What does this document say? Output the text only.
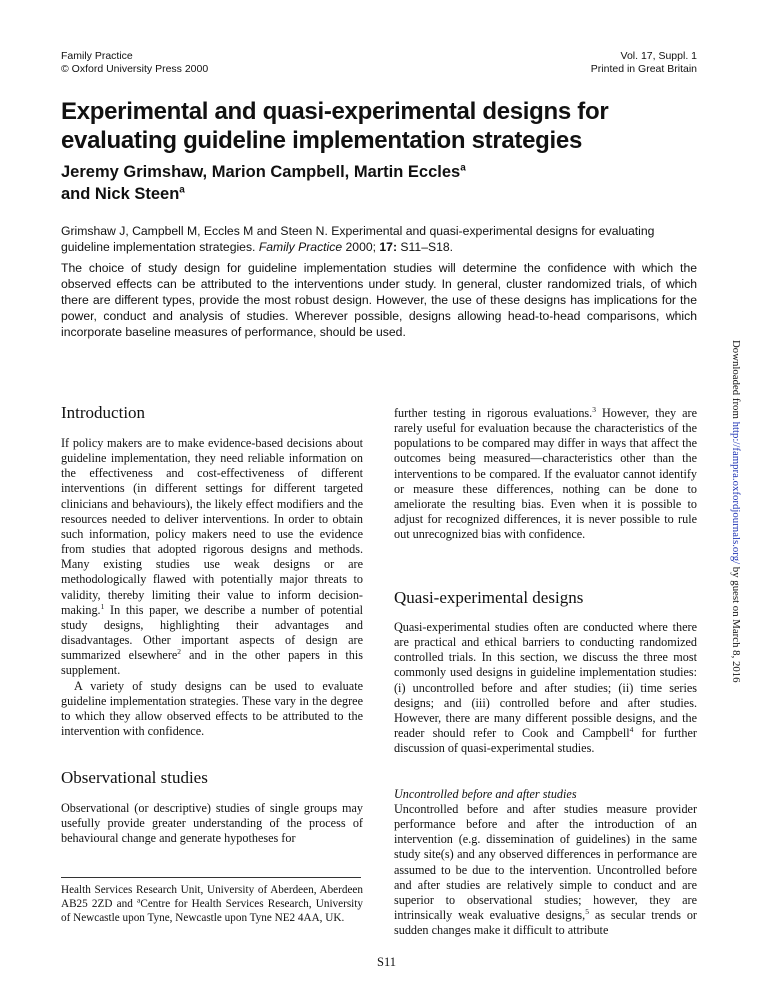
Family Practice
© Oxford University Press 2000
Vol. 17, Suppl. 1
Printed in Great Britain
Experimental and quasi-experimental designs for evaluating guideline implementation strategies
Jeremy Grimshaw, Marion Campbell, Martin Eccles$^a$
and Nick Steen$^a$
Grimshaw J, Campbell M, Eccles M and Steen N. Experimental and quasi-experimental designs for evaluating guideline implementation strategies. Family Practice 2000; 17: S11–S18.
The choice of study design for guideline implementation studies will determine the confidence with which the observed effects can be attributed to the interventions under study. In general, cluster randomized trials, of which there are different types, provide the most robust design. However, the use of these designs has implications for the power, conduct and analysis of studies. Wherever possible, designs allowing head-to-head comparisons, which incorporate baseline measures of performance, should be used.
Downloaded from http://fampra.oxfordjournals.org/ by guest on March 8, 2016
Introduction

If policy makers are to make evidence-based decisions about guideline implementation, they need reliable information on the effectiveness and cost-effectiveness of different interventions (in different settings for different targeted clinicians and behaviours), the likely effect modifiers and the resources needed to deliver interventions. In order to obtain such information, policy makers need to use the evidence from studies that adopted rigorous designs and methods. Many existing studies use weak designs or are methodologically flawed with potentially major threats to validity, thereby limiting their value to inform decision-making.$^1$ In this paper, we describe a number of potential study designs, highlighting their advantages and disadvantages. Other important aspects of design are summarized elsewhere$^2$ and in the other papers in this supplement.

A variety of study designs can be used to evaluate guideline implementation strategies. These vary in the degree to which they allow observed effects to be attributed to the intervention with confidence.

Observational studies

Observational (or descriptive) studies of single groups may usefully provide greater understanding of the process of behavioural change and generate hypotheses for

further testing in rigorous evaluations.$^3$ However, they are rarely useful for evaluation because the characteristics of the populations to be compared may differ in ways that affect the outcomes being measured—characteristics other than the interventions to be compared. If the evaluator cannot identify or measure these differences, nothing can be done to ameliorate the resulting bias. Even when it is possible to adjust for recognized differences, it is never possible to rule out unrecognized bias with confidence.

Quasi-experimental designs

Quasi-experimental studies often are conducted where there are practical and ethical barriers to conducting randomized controlled trials. In this section, we discuss the three most commonly used designs in guideline implementation studies: (i) uncontrolled before and after studies; (ii) time series designs; and (iii) controlled before and after studies. However, there are many different possible designs, and the reader should refer to Cook and Campbell$^4$ for further discussion of quasi-experimental studies.

Uncontrolled before and after studies

Uncontrolled before and after studies measure provider performance before and after the introduction of an intervention (e.g. dissemination of guidelines) in the same study site(s) and any observed differences in performance are assumed to be due to the intervention. Uncontrolled before and after studies are relatively simple to conduct and are superior to observational studies; however, they are intrinsically weak evaluative designs,$^5$ as secular trends or sudden changes make it difficult to attribute

Health Services Research Unit, University of Aberdeen, Aberdeen AB25 2ZD and $^a$Centre for Health Services Research, University of Newcastle upon Tyne, Newcastle upon Tyne NE2 4AA, UK.
S11
